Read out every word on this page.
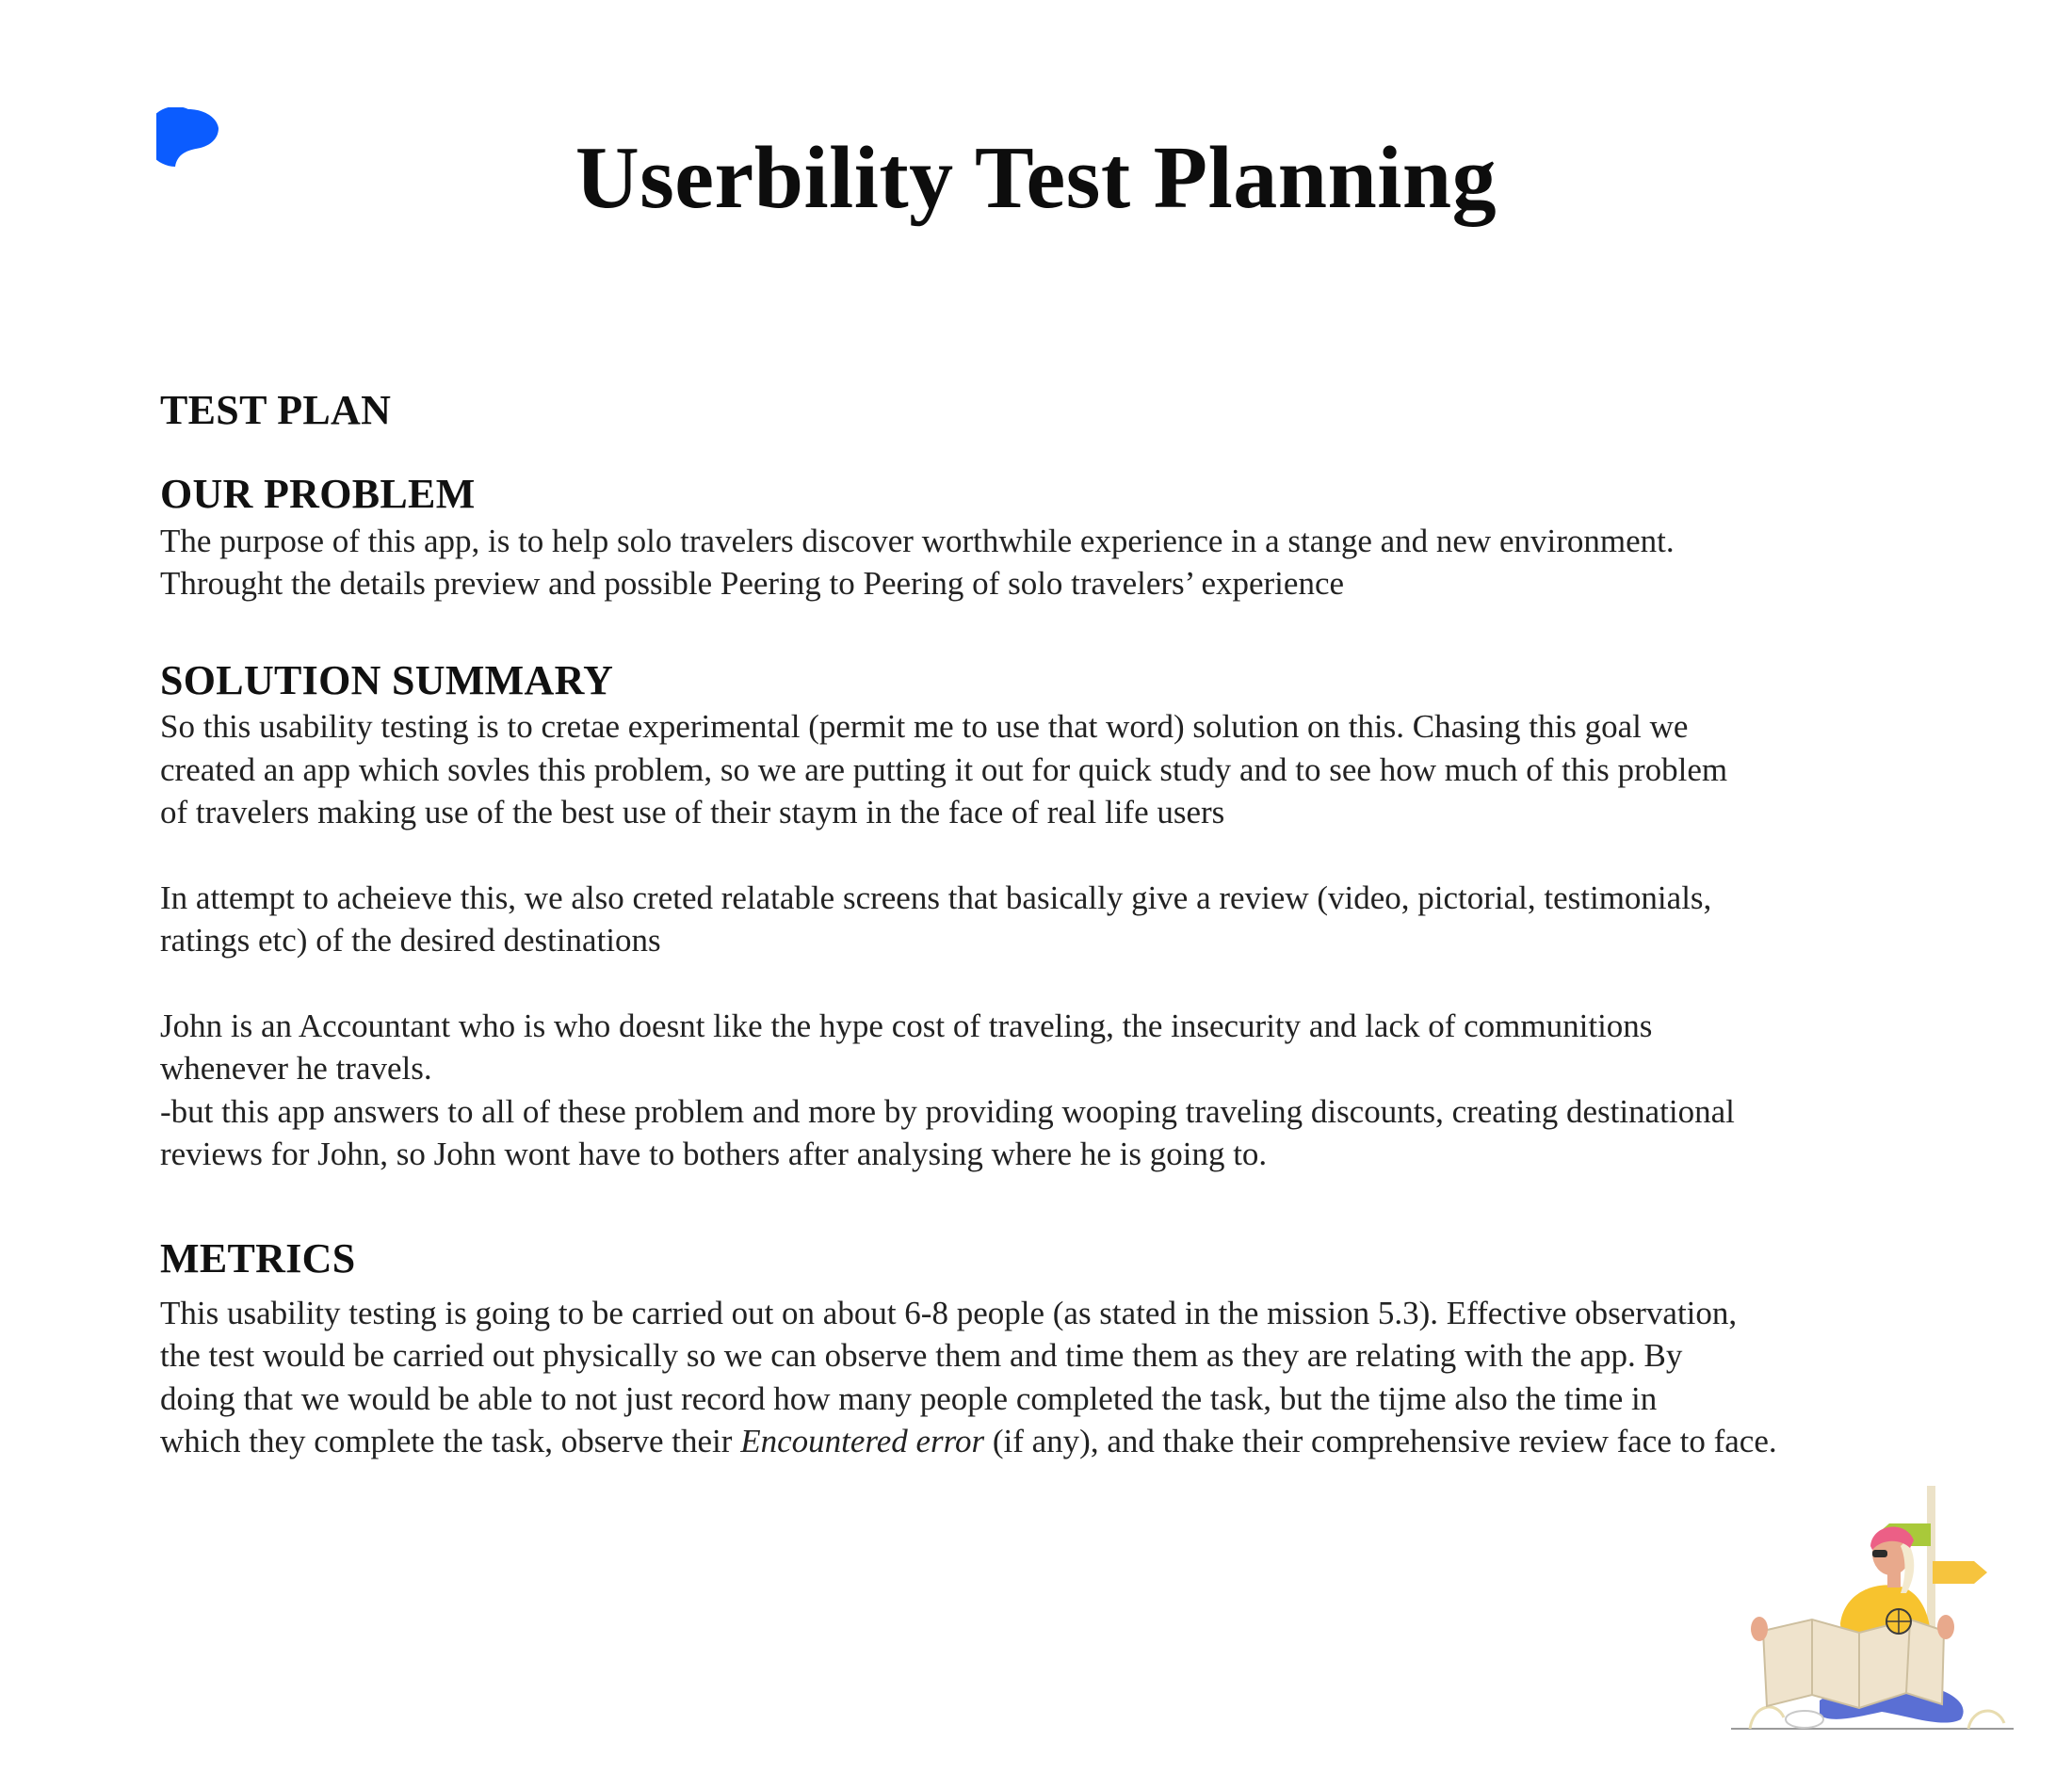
Userbility Test Planning
TEST PLAN
OUR PROBLEM

The purpose of this app, is to help solo travelers discover worthwhile experience in a stange and new environment.

Throught the details preview and possible Peering to Peering of solo travelers’ experience

SOLUTION SUMMARY

So this usability testing is to cretae experimental (permit me to use that word) solution on this. Chasing this goal we

created an app which sovles this problem, so we are putting it out for quick study and to see how much of this problem

of travelers making use of the best use of their staym in the face of real life users

In attempt to acheieve this, we also creted relatable screens that basically give a review (video, pictorial, testimonials,

ratings etc) of the desired destinations

John is an Accountant who is who doesnt like the hype cost of traveling, the insecurity and lack of communitions

whenever he travels.

-but this app answers to all of these problem and more by providing wooping traveling discounts, creating destinational

reviews for John, so John wont have to bothers after analysing where he is going to.

METRICS

This usability testing is going to be carried out on about 6-8 people (as stated in the mission 5.3). Effective observation,

the test would be carried out physically so we can observe them and time them as they are relating with the app. By

doing that we would be able to not just record how many people completed the task, but the tijme also the time in

which they complete the task, observe their Encountered error (if any), and thake their comprehensive review face to face.
